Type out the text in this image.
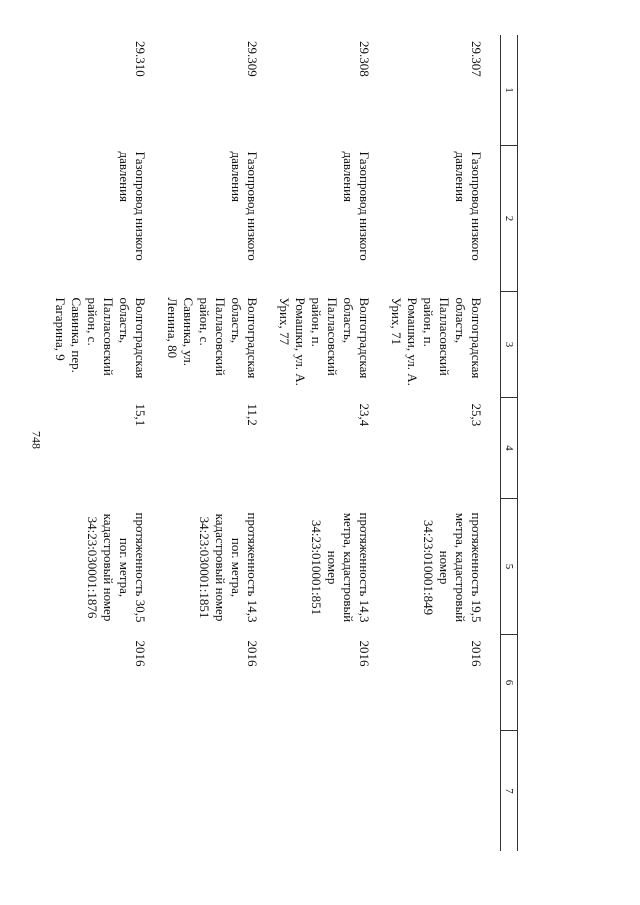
748
1	2	3	4	5	6	7
29.307	Газопровод низкого давления	Волгоградская область, Палласовский район, п. Ромашки, ул. А. Урих, 71	25,3	протяженность 19,5 метра, кадастровый номер 34:23:010001:849	2016	
29.308	Газопровод низкого давления	Волгоградская область, Палласовский район, п. Ромашки, ул. А. Урих, 77	23,4	протяженность 14,3 метра, кадастровый номер 34:23:010001:851	2016	
29.309	Газопровод низкого давления	Волгоградская область, Палласовский район, с. Савинка, ул. Ленина, 80	11,2	протяженность 14,3 пог. метра, кадастровый номер 34:23:030001:1851	2016	
29.310	Газопровод низкого давления	Волгоградская область, Палласовский район, с. Савинка, пер. Гагарина, 9	15,1	протяженность 30,5 пог. метра, кадастровый номер 34:23:030001:1876	2016	
